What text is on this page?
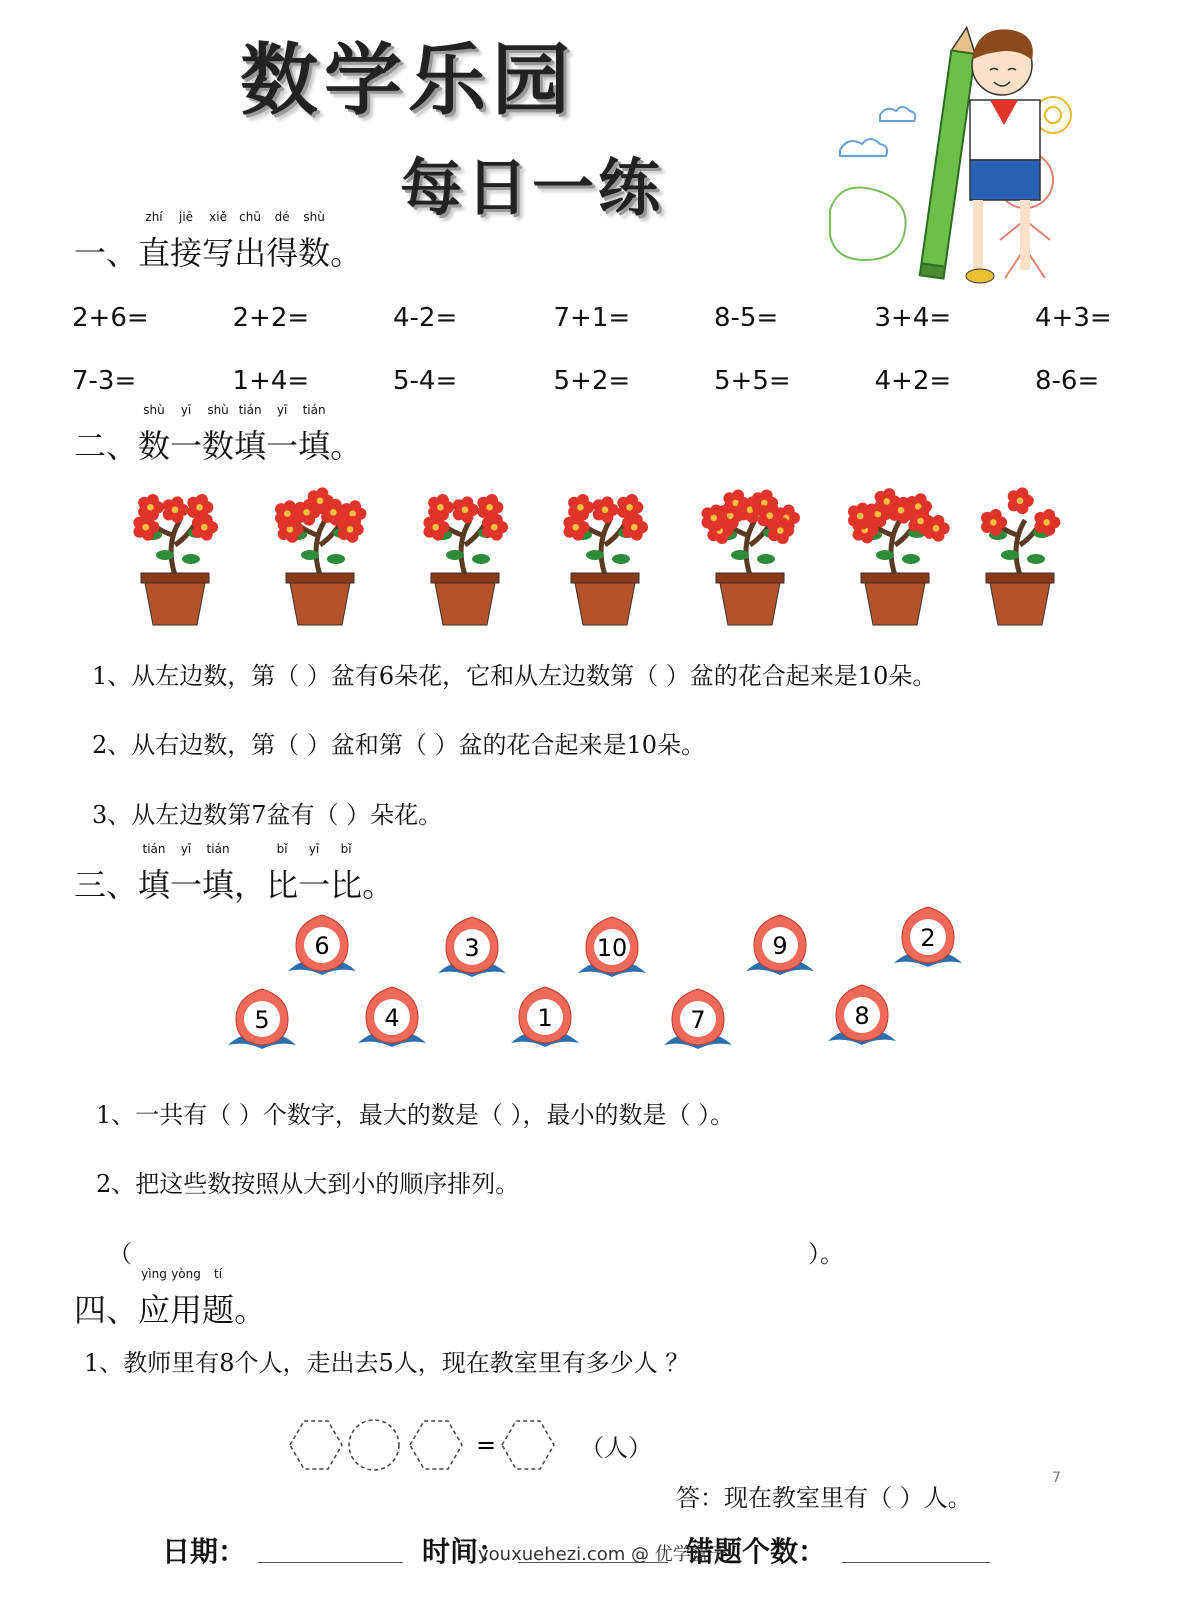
数学乐园
每日一练
一、直
zhí
接
jiē
写
xiě
出
chū
得
dé
数
shù
。
2+6=	2+2=	4-2=	7+1=	8-5=	3+4=	4+3=
7-3=	1+4=	5-4=	5+2=	5+5=	4+2=	8-6=
二、数
shù
一
yī
数
shù
填
tián
一
yī
填
tián
。
1、从左边数，第（ ）盆有6朵花，它和从左边数第（ ）盆的花合起来是10朵。
2、从右边数，第（ ）盆和第（ ）盆的花合起来是10朵。
3、从左边数第7盆有（ ）朵花。
三、填
tián
一
yī
填
tián
，比
bǐ
一
yī
比
bǐ
。
6	3	10	9	2
5	4	1	7	8
1、一共有（ ）个数字，最大的数是（ ），最小的数是（ ）。
2、把这些数按照从大到小的顺序排列。
（	）。
四、应
yìng
用
yòng
题
tí
。
1、教师里有8个人，走出去5人，现在教室里有多少人 ？
=	（人）
答：现在教室里有（ ）人。
7
日期：	时间：	错题个数：
youxuehezi.com @ 优学盒子
